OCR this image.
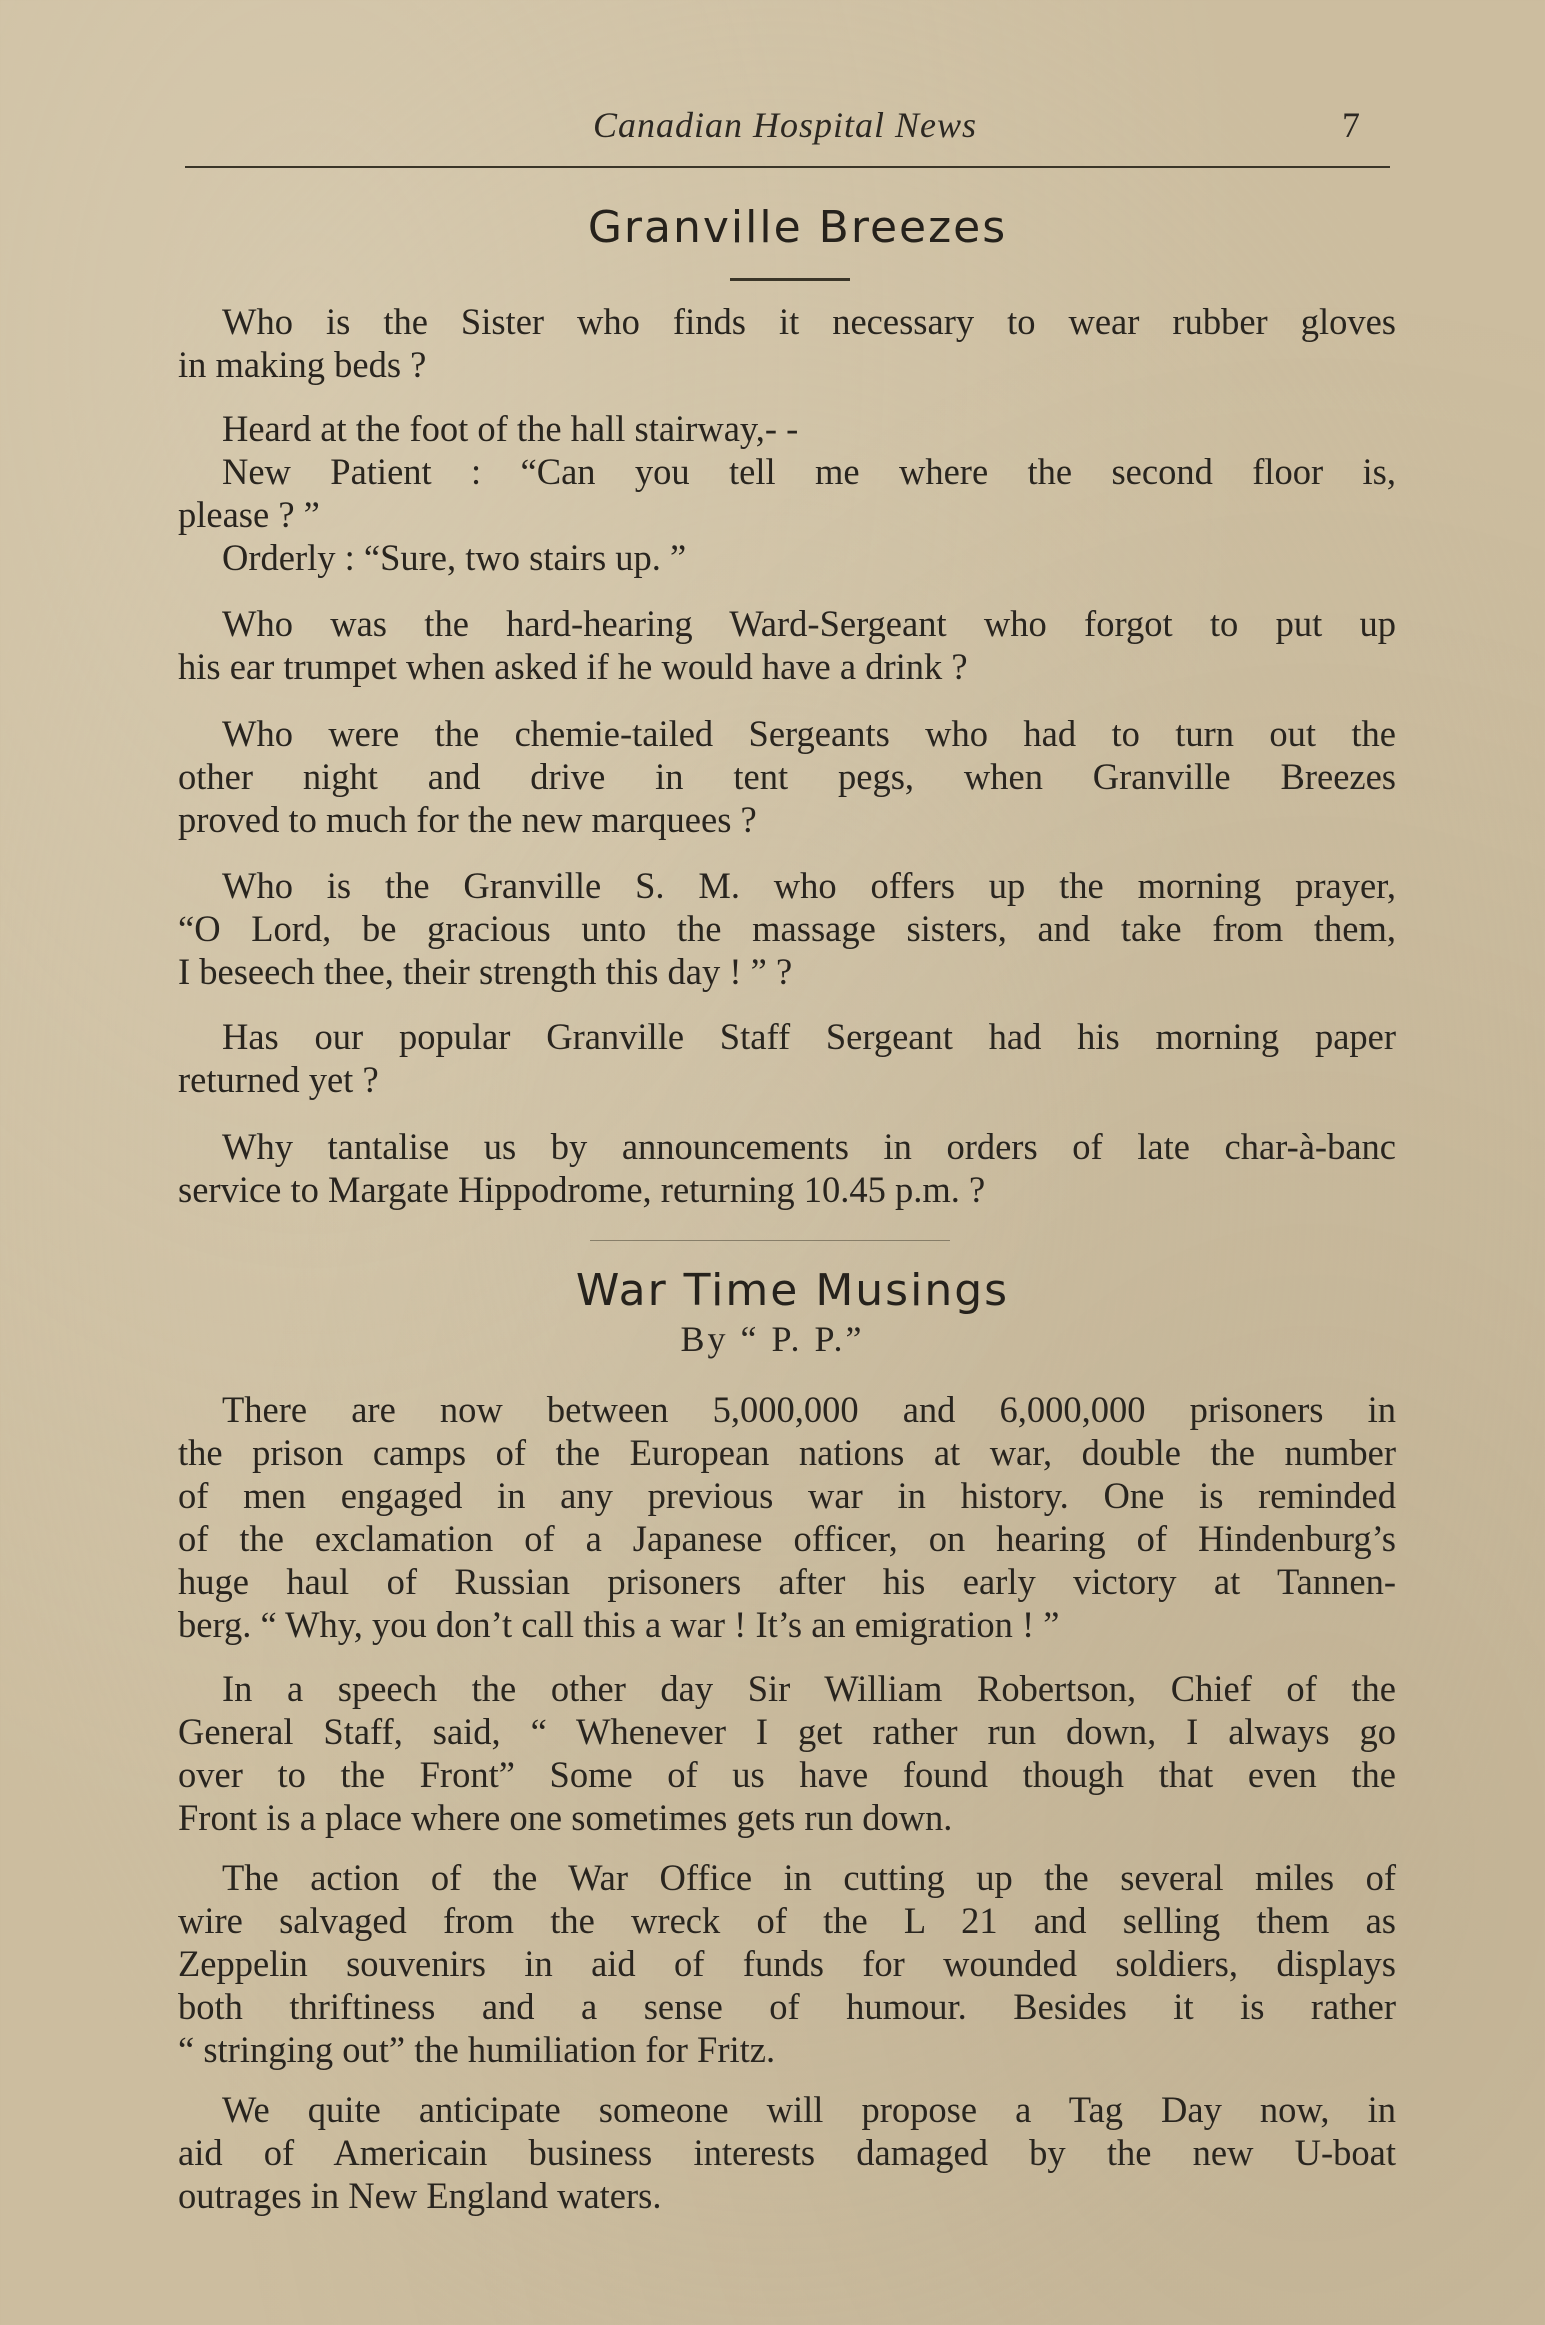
Canadian Hospital News	7
Granville Breezes
Who is the Sister who finds it necessary to wear rubber gloves
in making beds ?
Heard at the foot of the hall stairway,- -
New Patient : “Can you tell me where the second floor is,
please ? ”
Orderly : “Sure, two stairs up. ”
Who was the hard-hearing Ward-Sergeant who forgot to put up
his ear trumpet when asked if he would have a drink ?
Who were the chemie-tailed Sergeants who had to turn out the
other night and drive in tent pegs, when Granville Breezes
proved to much for the new marquees ?
Who is the Granville S. M. who offers up the morning prayer,
“O Lord, be gracious unto the massage sisters, and take from them,
I beseech thee, their strength this day ! ” ?
Has our popular Granville Staff Sergeant had his morning paper
returned yet ?
Why tantalise us by announcements in orders of late char-à-banc
service to Margate Hippodrome, returning 10.45 p.m. ?
War Time Musings
By “ P. P.”
There are now between 5,000,000 and 6,000,000 prisoners in
the prison camps of the European nations at war, double the number
of men engaged in any previous war in history. One is reminded
of the exclamation of a Japanese officer, on hearing of Hindenburg’s
huge haul of Russian prisoners after his early victory at Tannen-
berg. “ Why, you don’t call this a war ! It’s an emigration ! ”
In a speech the other day Sir William Robertson, Chief of the
General Staff, said, “ Whenever I get rather run down, I always go
over to the Front” Some of us have found though that even the
Front is a place where one sometimes gets run down.
The action of the War Office in cutting up the several miles of
wire salvaged from the wreck of the L 21 and selling them as
Zeppelin souvenirs in aid of funds for wounded soldiers, displays
both thriftiness and a sense of humour. Besides it is rather
“ stringing out” the humiliation for Fritz.
We quite anticipate someone will propose a Tag Day now, in
aid of Americain business interests damaged by the new U-boat
outrages in New England waters.
